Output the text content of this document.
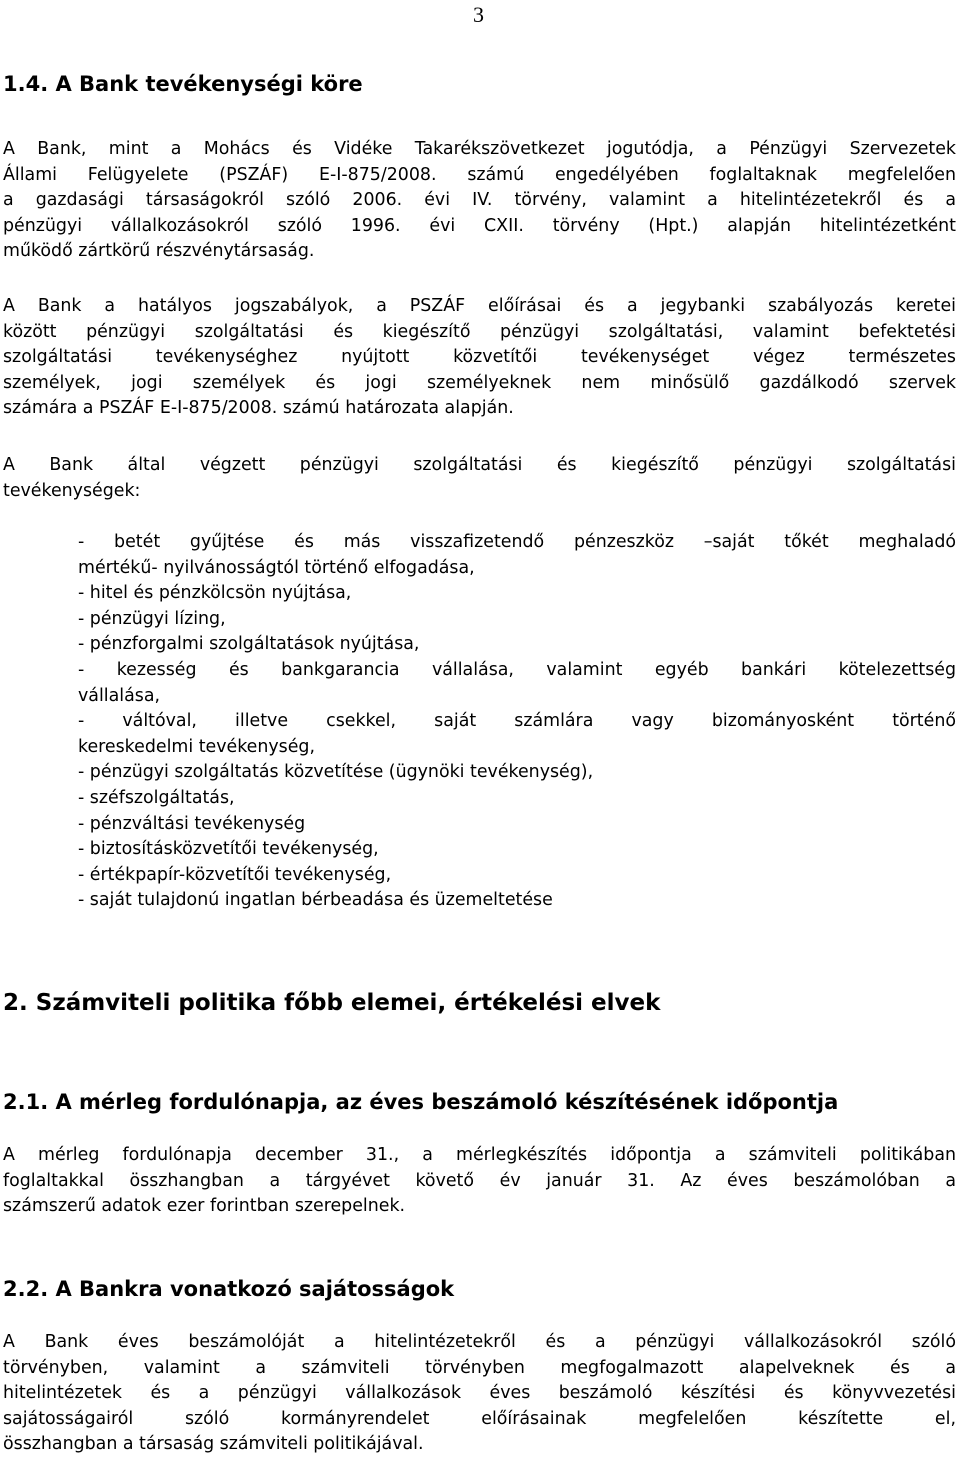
3
1.4. A Bank tevékenységi köre
A Bank, mint a Mohács és Vidéke Takarékszövetkezet jogutódja, a Pénzügyi Szervezetek
Állami Felügyelete (PSZÁF) E-I-875/2008. számú engedélyében foglaltaknak megfelelően
a gazdasági társaságokról szóló 2006. évi IV. törvény, valamint a hitelintézetekről és a
pénzügyi vállalkozásokról szóló 1996. évi CXII. törvény (Hpt.) alapján hitelintézetként
működő zártkörű részvénytársaság.
A Bank a hatályos jogszabályok, a PSZÁF előírásai és a jegybanki szabályozás keretei
között pénzügyi szolgáltatási és kiegészítő pénzügyi szolgáltatási, valamint befektetési
szolgáltatási tevékenységhez nyújtott közvetítői tevékenységet végez természetes
személyek, jogi személyek és jogi személyeknek nem minősülő gazdálkodó szervek
számára a PSZÁF E-I-875/2008. számú határozata alapján.
A Bank által végzett pénzügyi szolgáltatási és kiegészítő pénzügyi szolgáltatási
tevékenységek:
- betét gyűjtése és más visszafizetendő pénzeszköz –saját tőkét meghaladó
mértékű- nyilvánosságtól történő elfogadása,
- hitel és pénzkölcsön nyújtása,
- pénzügyi lízing,
- pénzforgalmi szolgáltatások nyújtása,
- kezesség és bankgarancia vállalása, valamint egyéb bankári kötelezettség
vállalása,
- váltóval, illetve csekkel, saját számlára vagy bizományosként történő
kereskedelmi tevékenység,
- pénzügyi szolgáltatás közvetítése (ügynöki tevékenység),
- széfszolgáltatás,
- pénzváltási tevékenység
- biztosításközvetítői tevékenység,
- értékpapír-közvetítői tevékenység,
- saját tulajdonú ingatlan bérbeadása és üzemeltetése
2. Számviteli politika főbb elemei, értékelési elvek
2.1. A mérleg fordulónapja, az éves beszámoló készítésének időpontja
A mérleg fordulónapja december 31., a mérlegkészítés időpontja a számviteli politikában
foglaltakkal összhangban a tárgyévet követő év január 31. Az éves beszámolóban a
számszerű adatok ezer forintban szerepelnek.
2.2. A Bankra vonatkozó sajátosságok
A Bank éves beszámolóját a hitelintézetekről és a pénzügyi vállalkozásokról szóló
törvényben, valamint a számviteli törvényben megfogalmazott alapelveknek és a
hitelintézetek és a pénzügyi vállalkozások éves beszámoló készítési és könyvvezetési
sajátosságairól szóló kormányrendelet előírásainak megfelelően készítette el,
összhangban a társaság számviteli politikájával.
